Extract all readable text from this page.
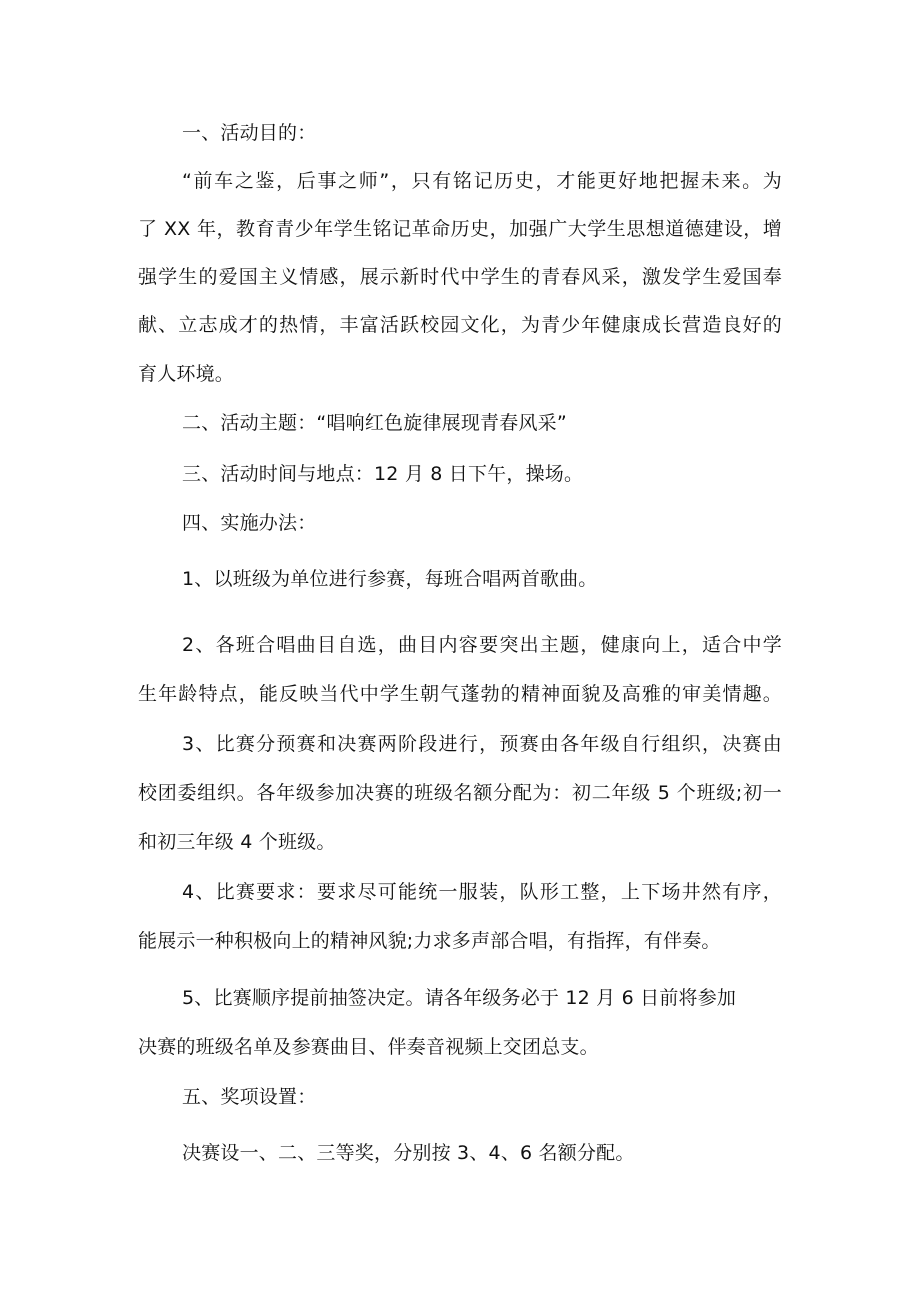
一、活动目的：
“前车之鉴，后事之师”，只有铭记历史，才能更好地把握未来。为
了 XX 年，教育青少年学生铭记革命历史，加强广大学生思想道德建设，增
强学生的爱国主义情感，展示新时代中学生的青春风采，激发学生爱国奉
献、立志成才的热情，丰富活跃校园文化，为青少年健康成长营造良好的
育人环境。
二、活动主题：“唱响红色旋律展现青春风采”
三、活动时间与地点：12 月 8 日下午，操场。
四、实施办法：
1、以班级为单位进行参赛，每班合唱两首歌曲。
2、各班合唱曲目自选，曲目内容要突出主题，健康向上，适合中学
生年龄特点，能反映当代中学生朝气蓬勃的精神面貌及高雅的审美情趣。
3、比赛分预赛和决赛两阶段进行，预赛由各年级自行组织，决赛由
校团委组织。各年级参加决赛的班级名额分配为：初二年级 5 个班级;初一
和初三年级 4 个班级。
4、比赛要求：要求尽可能统一服装，队形工整，上下场井然有序，
能展示一种积极向上的精神风貌;力求多声部合唱，有指挥，有伴奏。
5、比赛顺序提前抽签决定。请各年级务必于 12 月 6 日前将参加
决赛的班级名单及参赛曲目、伴奏音视频上交团总支。
五、奖项设置：
决赛设一、二、三等奖，分别按 3、4、6 名额分配。
